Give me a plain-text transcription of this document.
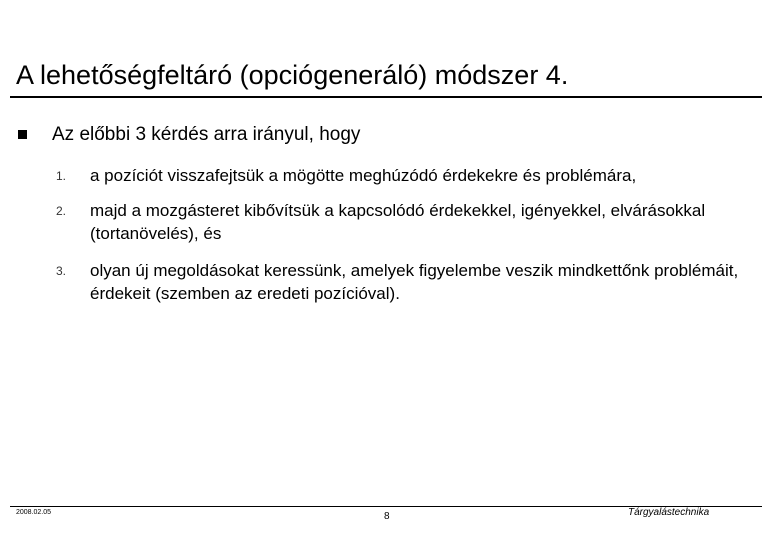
A lehetőségfeltáró (opciógeneráló) módszer 4.
Az előbbi 3 kérdés arra irányul, hogy
1. a pozíciót visszafejtsük a mögötte meghúzódó érdekekre és problémára,
2. majd a mozgásteret kibővítsük a kapcsolódó érdekekkel, igényekkel, elvárásokkal (tortanövelés), és
3. olyan új megoldásokat keressünk, amelyek figyelembe veszik mindkettőnk problémáit, érdekeit (szemben az eredeti pozícióval).
2008.02.05	8	Tárgyalástechnika
